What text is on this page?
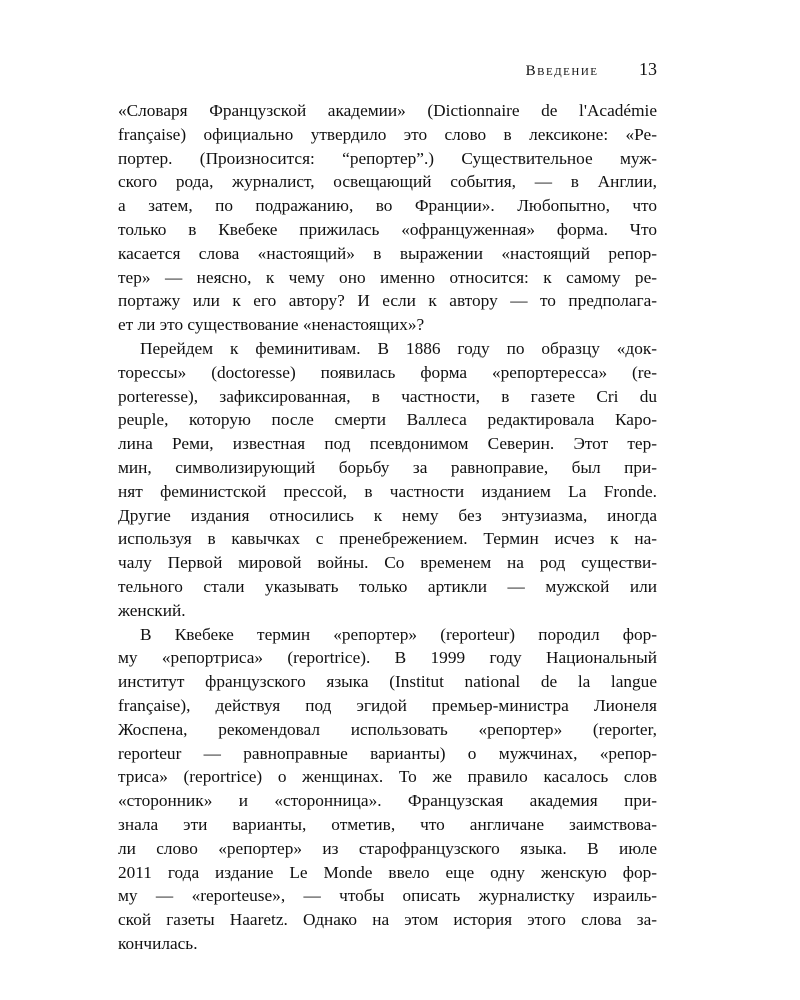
Введение 13
«Словаря Французской академии» (Dictionnaire de l'Académie
française) официально утвердило это слово в лексиконе: «Ре-
портер. (Произносится: “репортер”.) Существительное муж-
ского рода, журналист, освещающий события, — в Англии,
а затем, по подражанию, во Франции». Любопытно, что
только в Квебеке прижилась «офранцуженная» форма. Что
касается слова «настоящий» в выражении «настоящий репор-
тер» — неясно, к чему оно именно относится: к самому ре-
портажу или к его автору? И если к автору — то предполага-
ет ли это существование «ненастоящих»?
Перейдем к феминитивам. В 1886 году по образцу «док-
торессы» (doctoresse) появилась форма «репортересса» (re-
porteresse), зафиксированная, в частности, в газете Cri du
peuple, которую после смерти Валлеса редактировала Каро-
лина Реми, известная под псевдонимом Северин. Этот тер-
мин, символизирующий борьбу за равноправие, был при-
нят феминистской прессой, в частности изданием La Fronde.
Другие издания относились к нему без энтузиазма, иногда
используя в кавычках с пренебрежением. Термин исчез к на-
чалу Первой мировой войны. Со временем на род существи-
тельного стали указывать только артикли — мужской или
женский.
В Квебеке термин «репортер» (reporteur) породил фор-
му «репортриса» (reportrice). В 1999 году Национальный
институт французского языка (Institut national de la langue
française), действуя под эгидой премьер-министра Лионеля
Жоспена, рекомендовал использовать «репортер» (reporter,
reporteur — равноправные варианты) о мужчинах, «репор-
триса» (reportrice) о женщинах. То же правило касалось слов
«сторонник» и «сторонница». Французская академия при-
знала эти варианты, отметив, что англичане заимствова-
ли слово «репортер» из старофранцузского языка. В июле
2011 года издание Le Monde ввело еще одну женскую фор-
му — «reporteuse», — чтобы описать журналистку израиль-
ской газеты Haaretz. Однако на этом история этого слова за-
кончилась.
